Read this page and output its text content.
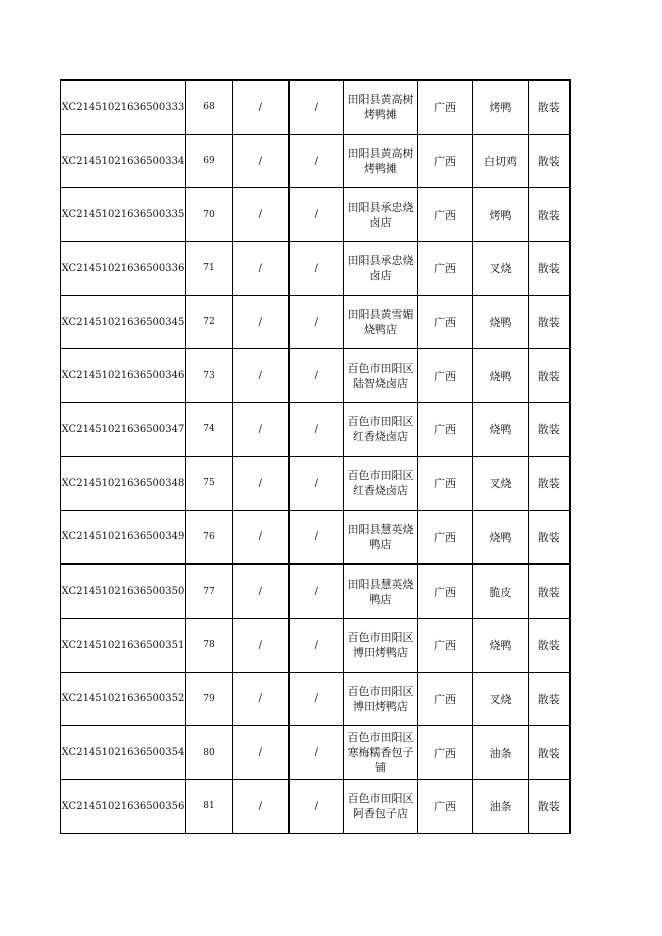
XC21451021636500333	68	/	/	田阳县黄高树烤鸭摊	广西	烤鸭	散装
XC21451021636500334	69	/	/	田阳县黄高树烤鸭摊	广西	白切鸡	散装
XC21451021636500335	70	/	/	田阳县承忠烧卤店	广西	烤鸭	散装
XC21451021636500336	71	/	/	田阳县承忠烧卤店	广西	叉烧	散装
XC21451021636500345	72	/	/	田阳县黄雪媚烧鸭店	广西	烧鸭	散装
XC21451021636500346	73	/	/	百色市田阳区陆智烧卤店	广西	烧鸭	散装
XC21451021636500347	74	/	/	百色市田阳区红香烧卤店	广西	烧鸭	散装
XC21451021636500348	75	/	/	百色市田阳区红香烧卤店	广西	叉烧	散装
XC21451021636500349	76	/	/	田阳县慧英烧鸭店	广西	烧鸭	散装
XC21451021636500350	77	/	/	田阳县慧英烧鸭店	广西	脆皮	散装
XC21451021636500351	78	/	/	百色市田阳区博田烤鸭店	广西	烧鸭	散装
XC21451021636500352	79	/	/	百色市田阳区博田烤鸭店	广西	叉烧	散装
XC21451021636500354	80	/	/	百色市田阳区寒梅糯香包子铺	广西	油条	散装
XC21451021636500356	81	/	/	百色市田阳区阿香包子店	广西	油条	散装
